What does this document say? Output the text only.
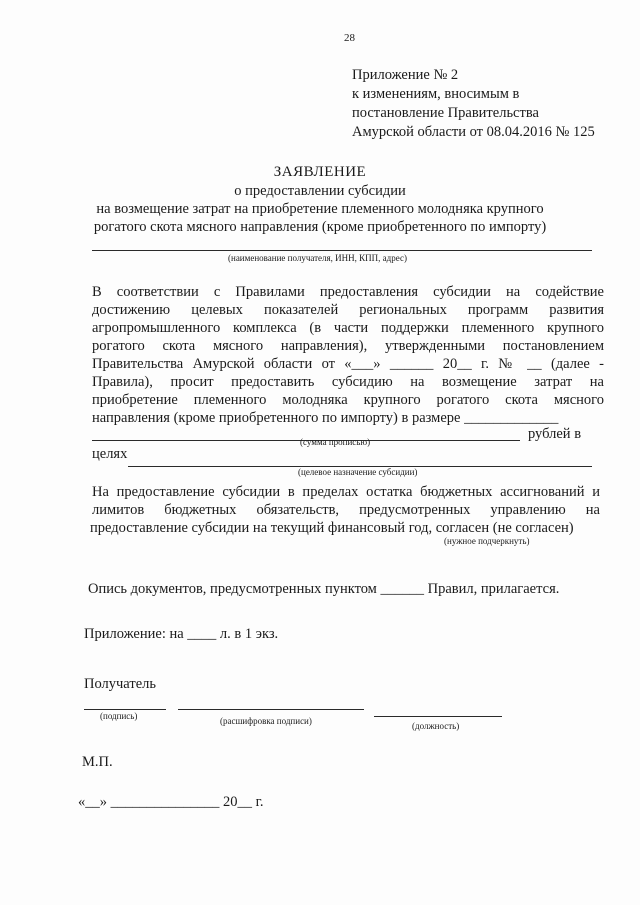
28
Приложение № 2
к изменениям, вносимым в
постановление Правительства
Амурской области от 08.04.2016 № 125
ЗАЯВЛЕНИЕ
о предоставлении субсидии
на возмещение затрат на приобретение племенного молодняка крупного
рогатого скота мясного направления (кроме приобретенного по импорту)
(наименование получателя, ИНН, КПП, адрес)
В соответствии с Правилами предоставления субсидии на содействие
достижению целевых показателей региональных программ развития
агропромышленного комплекса (в части поддержки племенного крупного
рогатого скота мясного направления), утвержденными постановлением
Правительства Амурской области от «___» ______ 20__ г. № __ (далее -
Правила), просит предоставить субсидию на возмещение затрат на
приобретение племенного молодняка крупного рогатого скота мясного
направления (кроме приобретенного по импорту) в размере _____________
рублей в
(сумма прописью)
целях
(целевое назначение субсидии)
На предоставление субсидии в пределах остатка бюджетных ассигнований и
лимитов бюджетных обязательств, предусмотренных управлению на
предоставление субсидии на текущий финансовый год, согласен (не согласен)
(нужное подчеркнуть)
Опись документов, предусмотренных пунктом ______ Правил, прилагается.
Приложение: на ____ л. в 1 экз.
Получатель
(подпись)	(расшифровка подписи)	(должность)
М.П.
«__» _______________ 20__ г.
